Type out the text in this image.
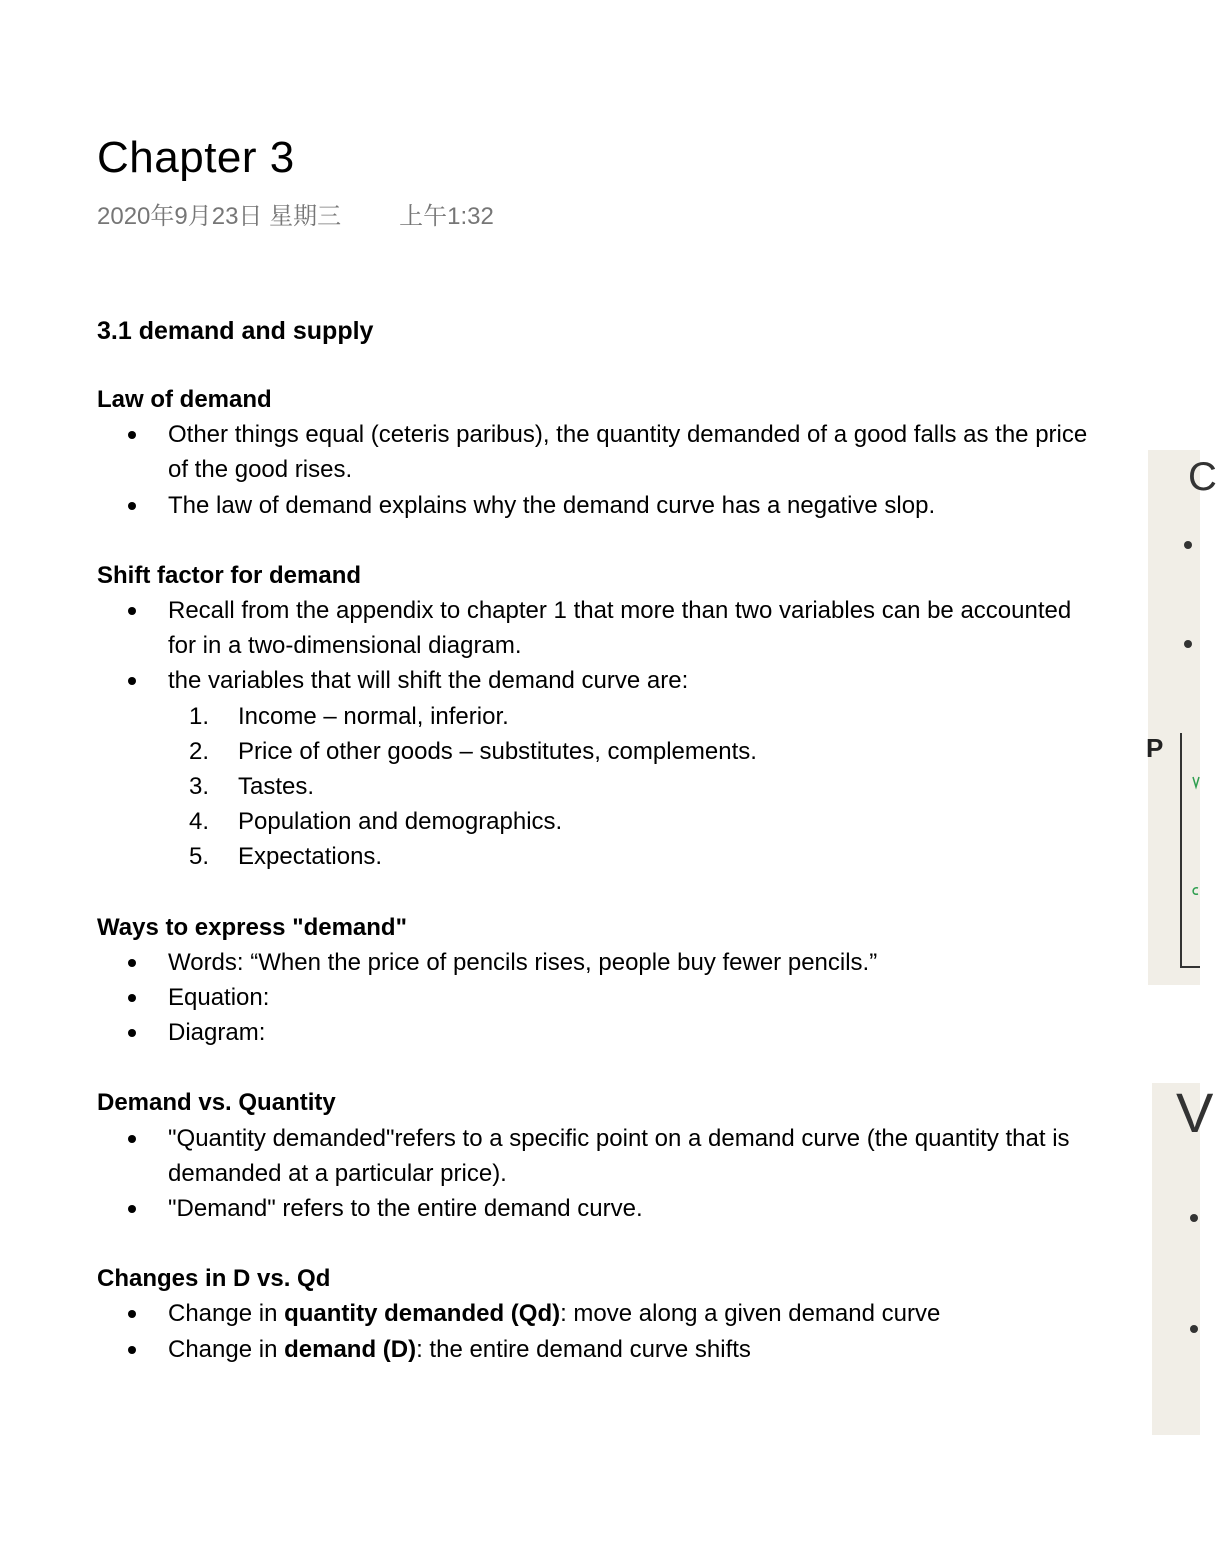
Chapter 3
2020年9月23日 星期三 上午1:32
3.1 demand and supply
Law of demand
Other things equal (ceteris paribus), the quantity demanded of a good falls as the price of the good rises.
The law of demand explains why the demand curve has a negative slop.
Shift factor for demand
Recall from the appendix to chapter 1 that more than two variables can be accounted for in a two-dimensional diagram.
the variables that will shift the demand curve are:
1. Income – normal, inferior.
2. Price of other goods – substitutes, complements.
3. Tastes.
4. Population and demographics.
5. Expectations.
Ways to express "demand"
Words: “When the price of pencils rises, people buy fewer pencils.”
Equation:
Diagram:
Demand vs. Quantity
"Quantity demanded"refers to a specific point on a demand curve (the quantity that is demanded at a particular price).
"Demand" refers to the entire demand curve.
Changes in D vs. Qd
Change in quantity demanded (Qd): move along a given demand curve
Change in demand (D): the entire demand curve shifts
C
P
V
